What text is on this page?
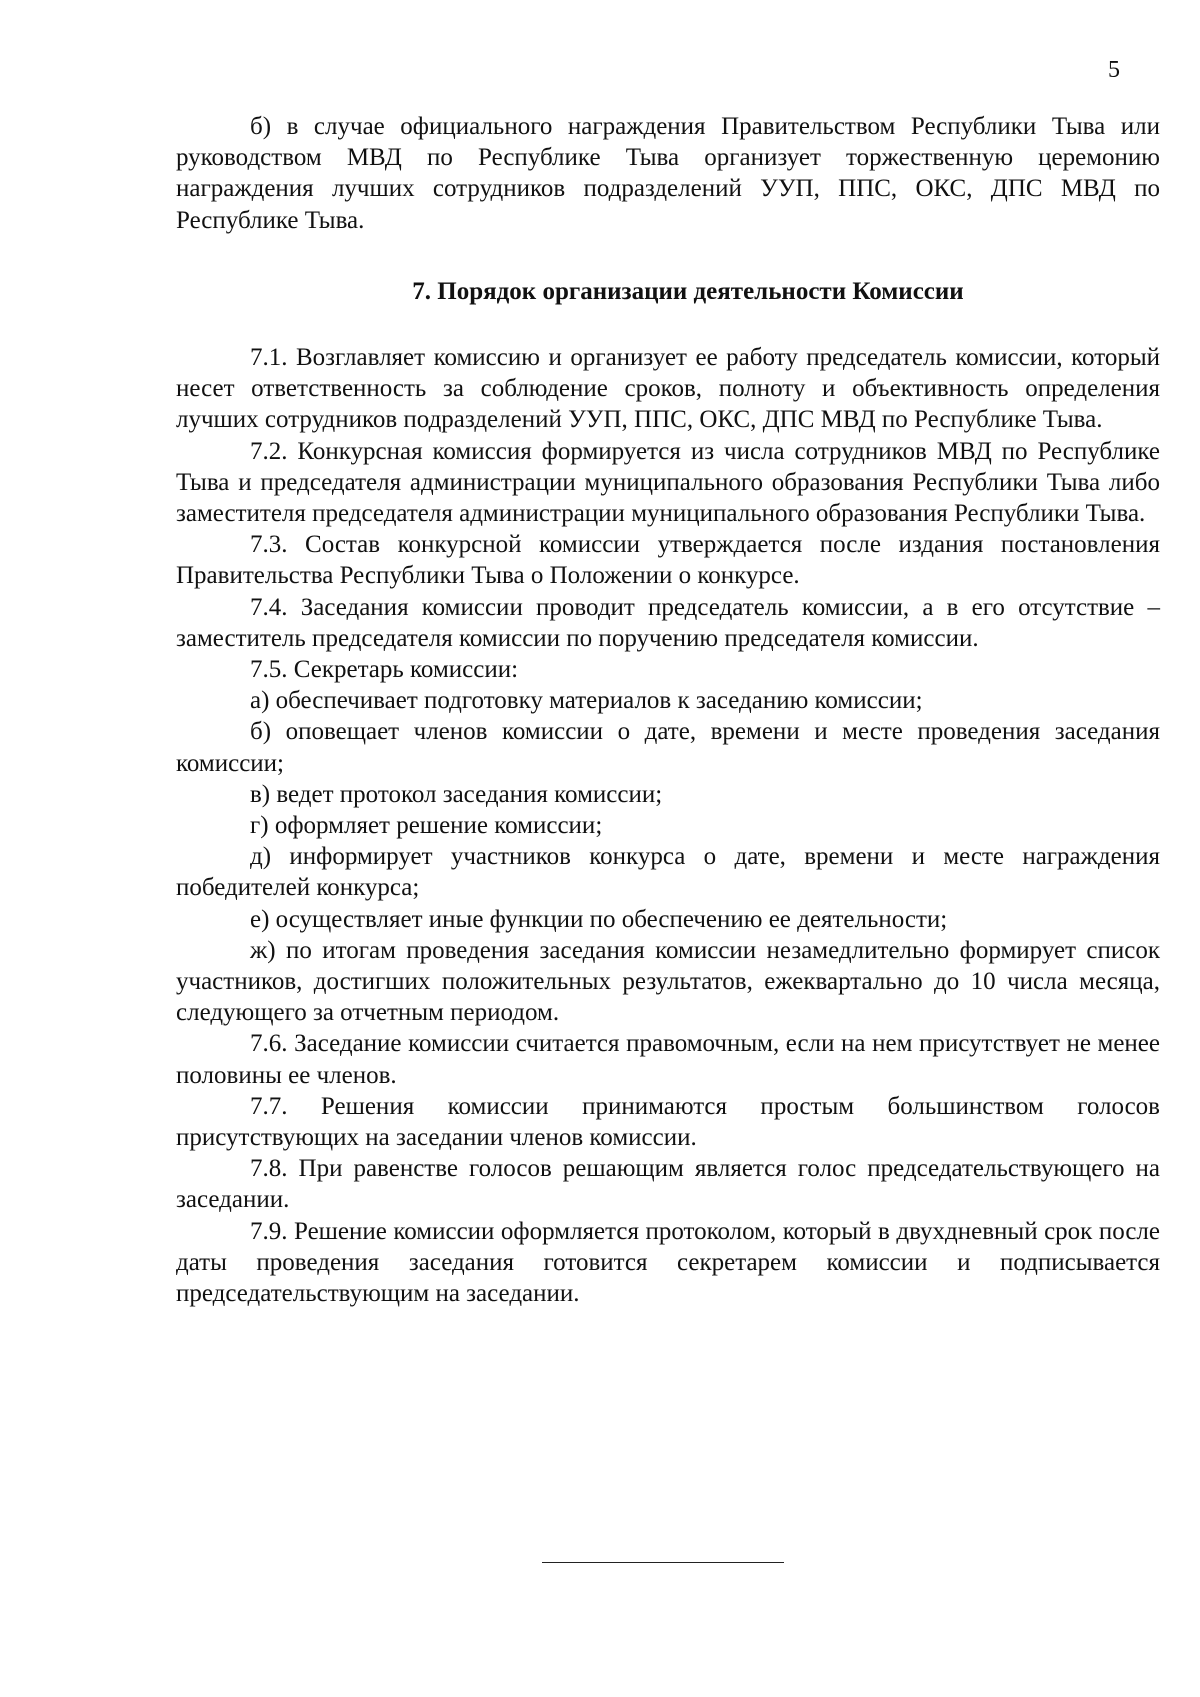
5

б) в случае официального награждения Правительством Республики Тыва или руководством МВД по Республике Тыва организует торжественную церемонию награждения лучших сотрудников подразделений УУП, ППС, ОКС, ДПС МВД по Республике Тыва.

7. Порядок организации деятельности Комиссии

7.1. Возглавляет комиссию и организует ее работу председатель комиссии, который несет ответственность за соблюдение сроков, полноту и объективность определения лучших сотрудников подразделений УУП, ППС, ОКС, ДПС МВД по Республике Тыва.

7.2. Конкурсная комиссия формируется из числа сотрудников МВД по Республике Тыва и председателя администрации муниципального образования Республики Тыва либо заместителя председателя администрации муниципального образования Республики Тыва.

7.3. Состав конкурсной комиссии утверждается после издания постановления Правительства Республики Тыва о Положении о конкурсе.

7.4. Заседания комиссии проводит председатель комиссии, а в его отсутствие – заместитель председателя комиссии по поручению председателя комиссии.

7.5. Секретарь комиссии:

а) обеспечивает подготовку материалов к заседанию комиссии;

б) оповещает членов комиссии о дате, времени и месте проведения заседания комиссии;

в) ведет протокол заседания комиссии;

г) оформляет решение комиссии;

д) информирует участников конкурса о дате, времени и месте награждения победителей конкурса;

е) осуществляет иные функции по обеспечению ее деятельности;

ж) по итогам проведения заседания комиссии незамедлительно формирует список участников, достигших положительных результатов, ежеквартально до 10 числа месяца, следующего за отчетным периодом.

7.6. Заседание комиссии считается правомочным, если на нем присутствует не менее половины ее членов.

7.7. Решения комиссии принимаются простым большинством голосов присутствующих на заседании членов комиссии.

7.8. При равенстве голосов решающим является голос председательствующего на заседании.

7.9. Решение комиссии оформляется протоколом, который в двухдневный срок после даты проведения заседания готовится секретарем комиссии и подписывается председательствующим на заседании.
